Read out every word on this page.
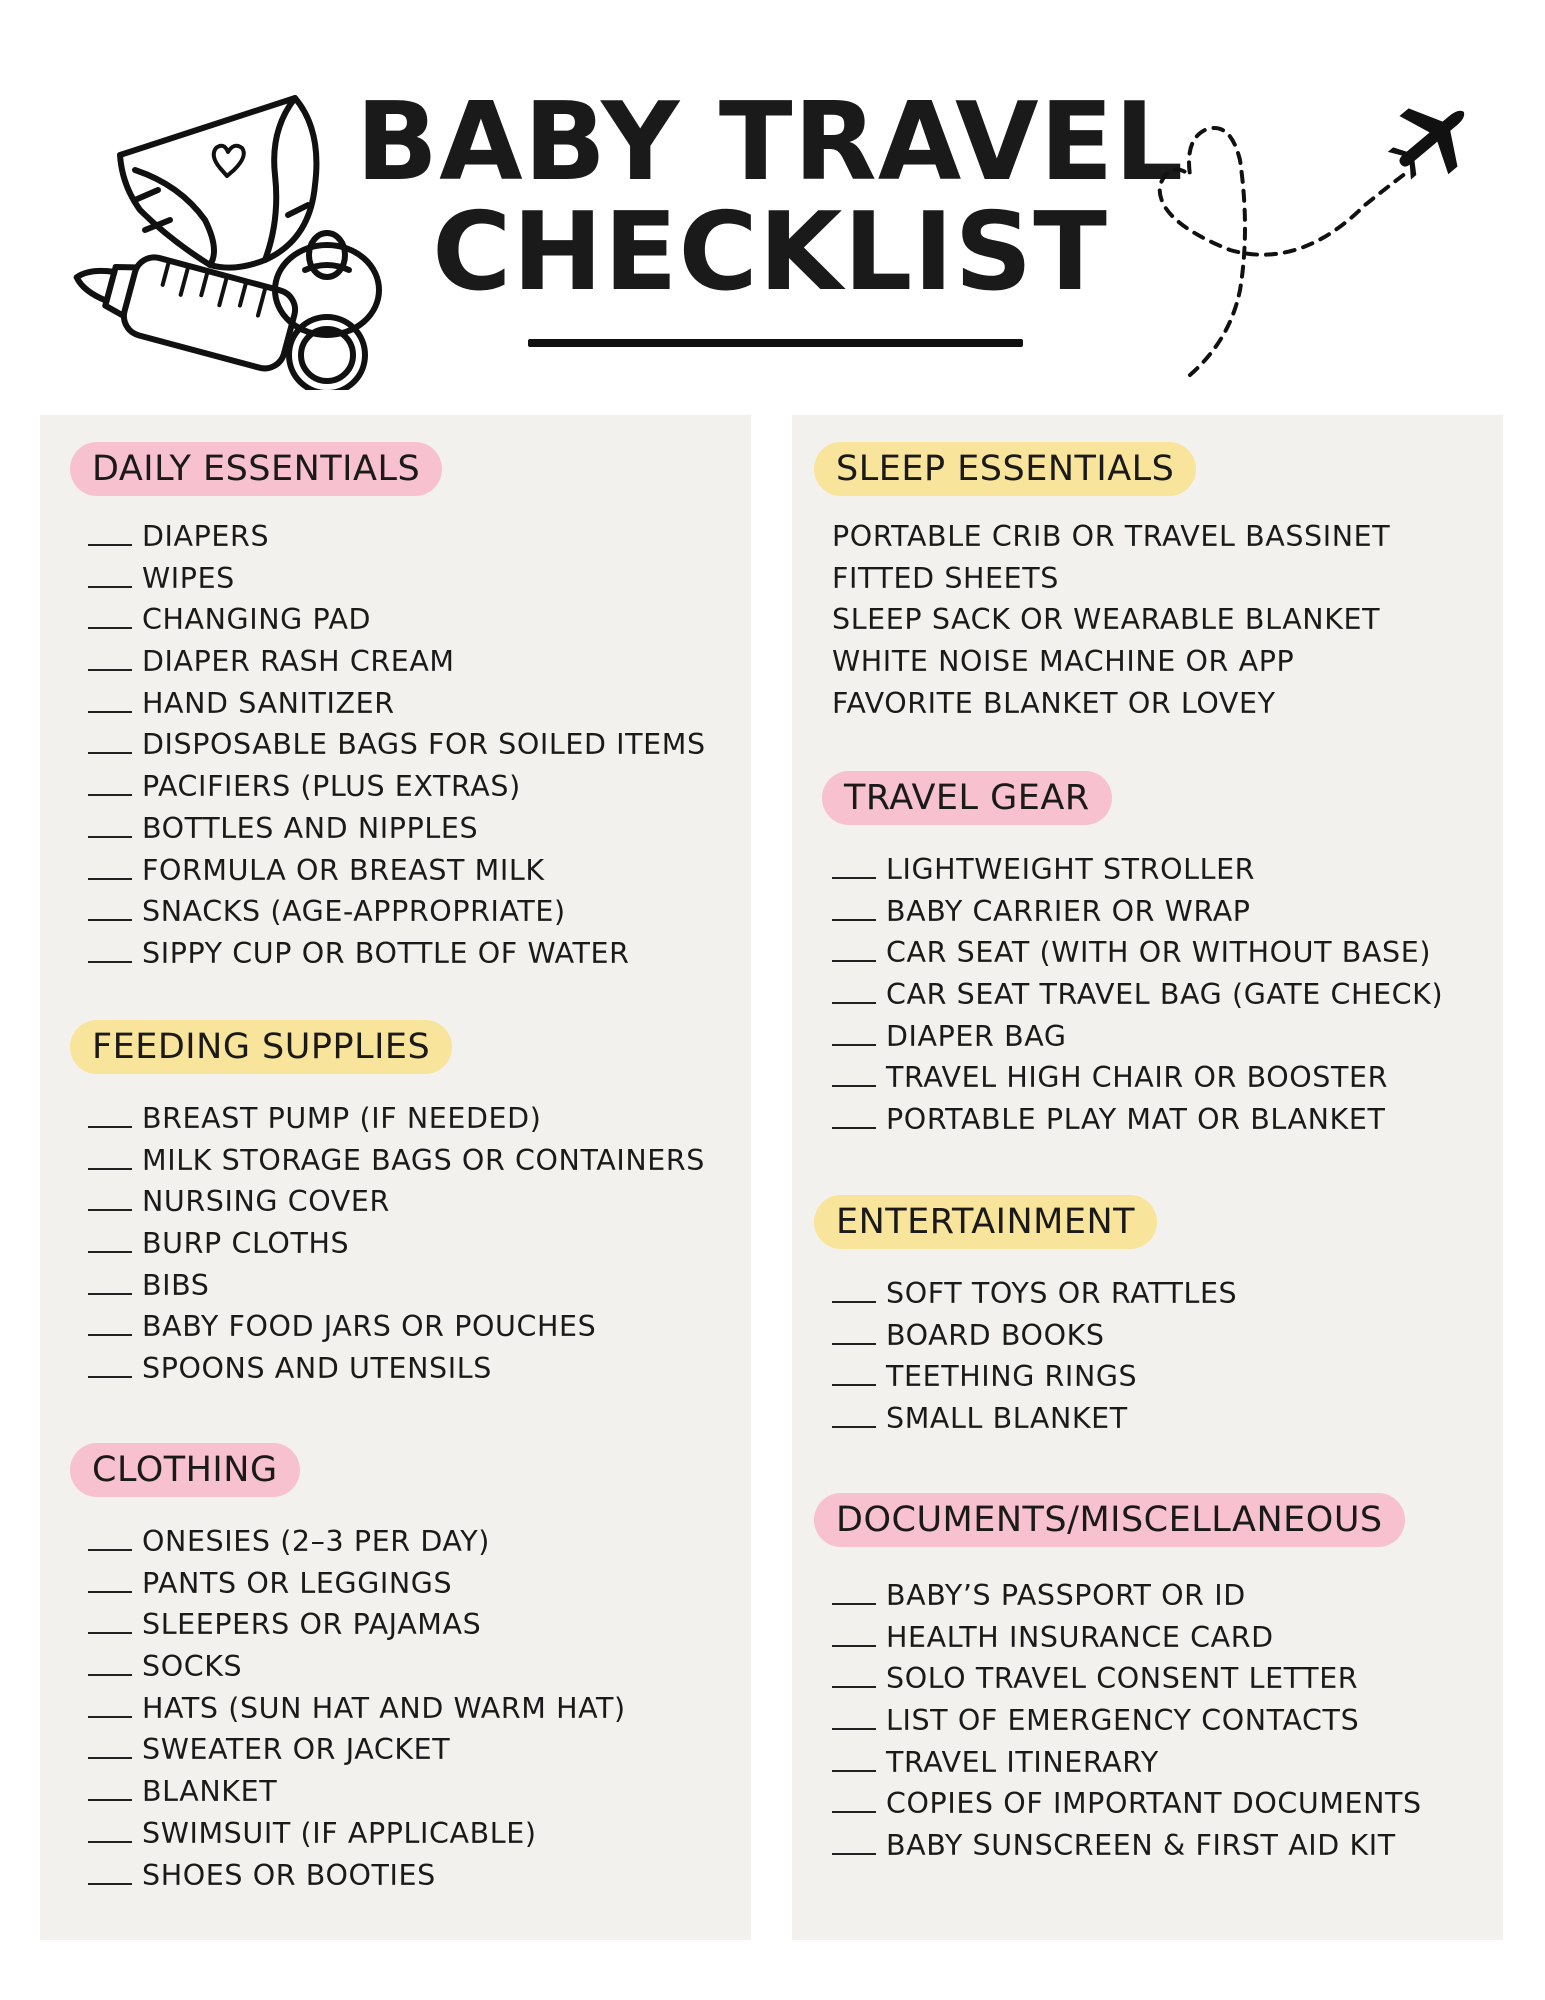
BABY TRAVEL
CHECKLIST
DAILY ESSENTIALS
DIAPERS
WIPES
CHANGING PAD
DIAPER RASH CREAM
HAND SANITIZER
DISPOSABLE BAGS FOR SOILED ITEMS
PACIFIERS (PLUS EXTRAS)
BOTTLES AND NIPPLES
FORMULA OR BREAST MILK
SNACKS (AGE-APPROPRIATE)
SIPPY CUP OR BOTTLE OF WATER
FEEDING SUPPLIES
BREAST PUMP (IF NEEDED)
MILK STORAGE BAGS OR CONTAINERS
NURSING COVER
BURP CLOTHS
BIBS
BABY FOOD JARS OR POUCHES
SPOONS AND UTENSILS
CLOTHING
ONESIES (2–3 PER DAY)
PANTS OR LEGGINGS
SLEEPERS OR PAJAMAS
SOCKS
HATS (SUN HAT AND WARM HAT)
SWEATER OR JACKET
BLANKET
SWIMSUIT (IF APPLICABLE)
SHOES OR BOOTIES
SLEEP ESSENTIALS
PORTABLE CRIB OR TRAVEL BASSINET
FITTED SHEETS
SLEEP SACK OR WEARABLE BLANKET
WHITE NOISE MACHINE OR APP
FAVORITE BLANKET OR LOVEY
TRAVEL GEAR
LIGHTWEIGHT STROLLER
BABY CARRIER OR WRAP
CAR SEAT (WITH OR WITHOUT BASE)
CAR SEAT TRAVEL BAG (GATE CHECK)
DIAPER BAG
TRAVEL HIGH CHAIR OR BOOSTER
PORTABLE PLAY MAT OR BLANKET
ENTERTAINMENT
SOFT TOYS OR RATTLES
BOARD BOOKS
TEETHING RINGS
SMALL BLANKET
DOCUMENTS/MISCELLANEOUS
BABY’S PASSPORT OR ID
HEALTH INSURANCE CARD
SOLO TRAVEL CONSENT LETTER
LIST OF EMERGENCY CONTACTS
TRAVEL ITINERARY
COPIES OF IMPORTANT DOCUMENTS
BABY SUNSCREEN & FIRST AID KIT
